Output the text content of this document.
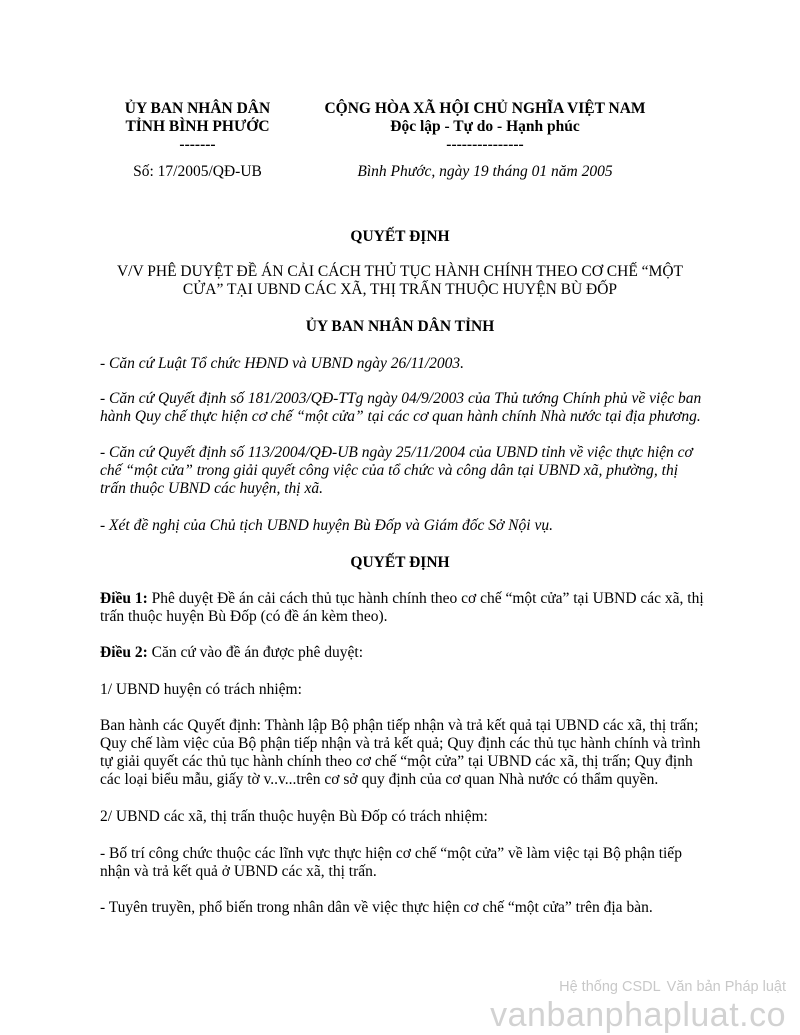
ỦY BAN NHÂN DÂN
TỈNH BÌNH PHƯỚC
-------
Số: 17/2005/QĐ-UB
CỘNG HÒA XÃ HỘI CHỦ NGHĨA VIỆT NAM
Độc lập - Tự do - Hạnh phúc
---------------
Bình Phước, ngày 19 tháng 01 năm 2005
QUYẾT ĐỊNH
V/V PHÊ DUYỆT ĐỀ ÁN CẢI CÁCH THỦ TỤC HÀNH CHÍNH THEO CƠ CHẾ “MỘT
CỬA” TẠI UBND CÁC XÃ, THỊ TRẤN THUỘC HUYỆN BÙ ĐỐP
ỦY BAN NHÂN DÂN TỈNH
- Căn cứ Luật Tổ chức HĐND và UBND ngày 26/11/2003.
- Căn cứ Quyết định số 181/2003/QĐ-TTg ngày 04/9/2003 của Thủ tướng Chính phủ về việc ban
hành Quy chế thực hiện cơ chế “một cửa” tại các cơ quan hành chính Nhà nước tại địa phương.
- Căn cứ Quyết định số 113/2004/QĐ-UB ngày 25/11/2004 của UBND tỉnh về việc thực hiện cơ
chế “một cửa” trong giải quyết công việc của tổ chức và công dân tại UBND xã, phường, thị
trấn thuộc UBND các huyện, thị xã.
- Xét đề nghị của Chủ tịch UBND huyện Bù Đốp và Giám đốc Sở Nội vụ.
QUYẾT ĐỊNH
Điều 1: Phê duyệt Đề án cải cách thủ tục hành chính theo cơ chế “một cửa” tại UBND các xã, thị
trấn thuộc huyện Bù Đốp (có đề án kèm theo).
Điều 2: Căn cứ vào đề án được phê duyệt:
1/ UBND huyện có trách nhiệm:
Ban hành các Quyết định: Thành lập Bộ phận tiếp nhận và trả kết quả tại UBND các xã, thị trấn;
Quy chế làm việc của Bộ phận tiếp nhận và trả kết quả; Quy định các thủ tục hành chính và trình
tự giải quyết các thủ tục hành chính theo cơ chế “một cửa” tại UBND các xã, thị trấn; Quy định
các loại biểu mẫu, giấy tờ v..v...trên cơ sở quy định của cơ quan Nhà nước có thẩm quyền.
2/ UBND các xã, thị trấn thuộc huyện Bù Đốp có trách nhiệm:
- Bố trí công chức thuộc các lĩnh vực thực hiện cơ chế “một cửa” về làm việc tại Bộ phận tiếp
nhận và trả kết quả ở UBND các xã, thị trấn.
- Tuyên truyền, phổ biến trong nhân dân về việc thực hiện cơ chế “một cửa” trên địa bàn.
Hệ thống CSDL Văn bản Pháp luật
vanbanphapluat.co
